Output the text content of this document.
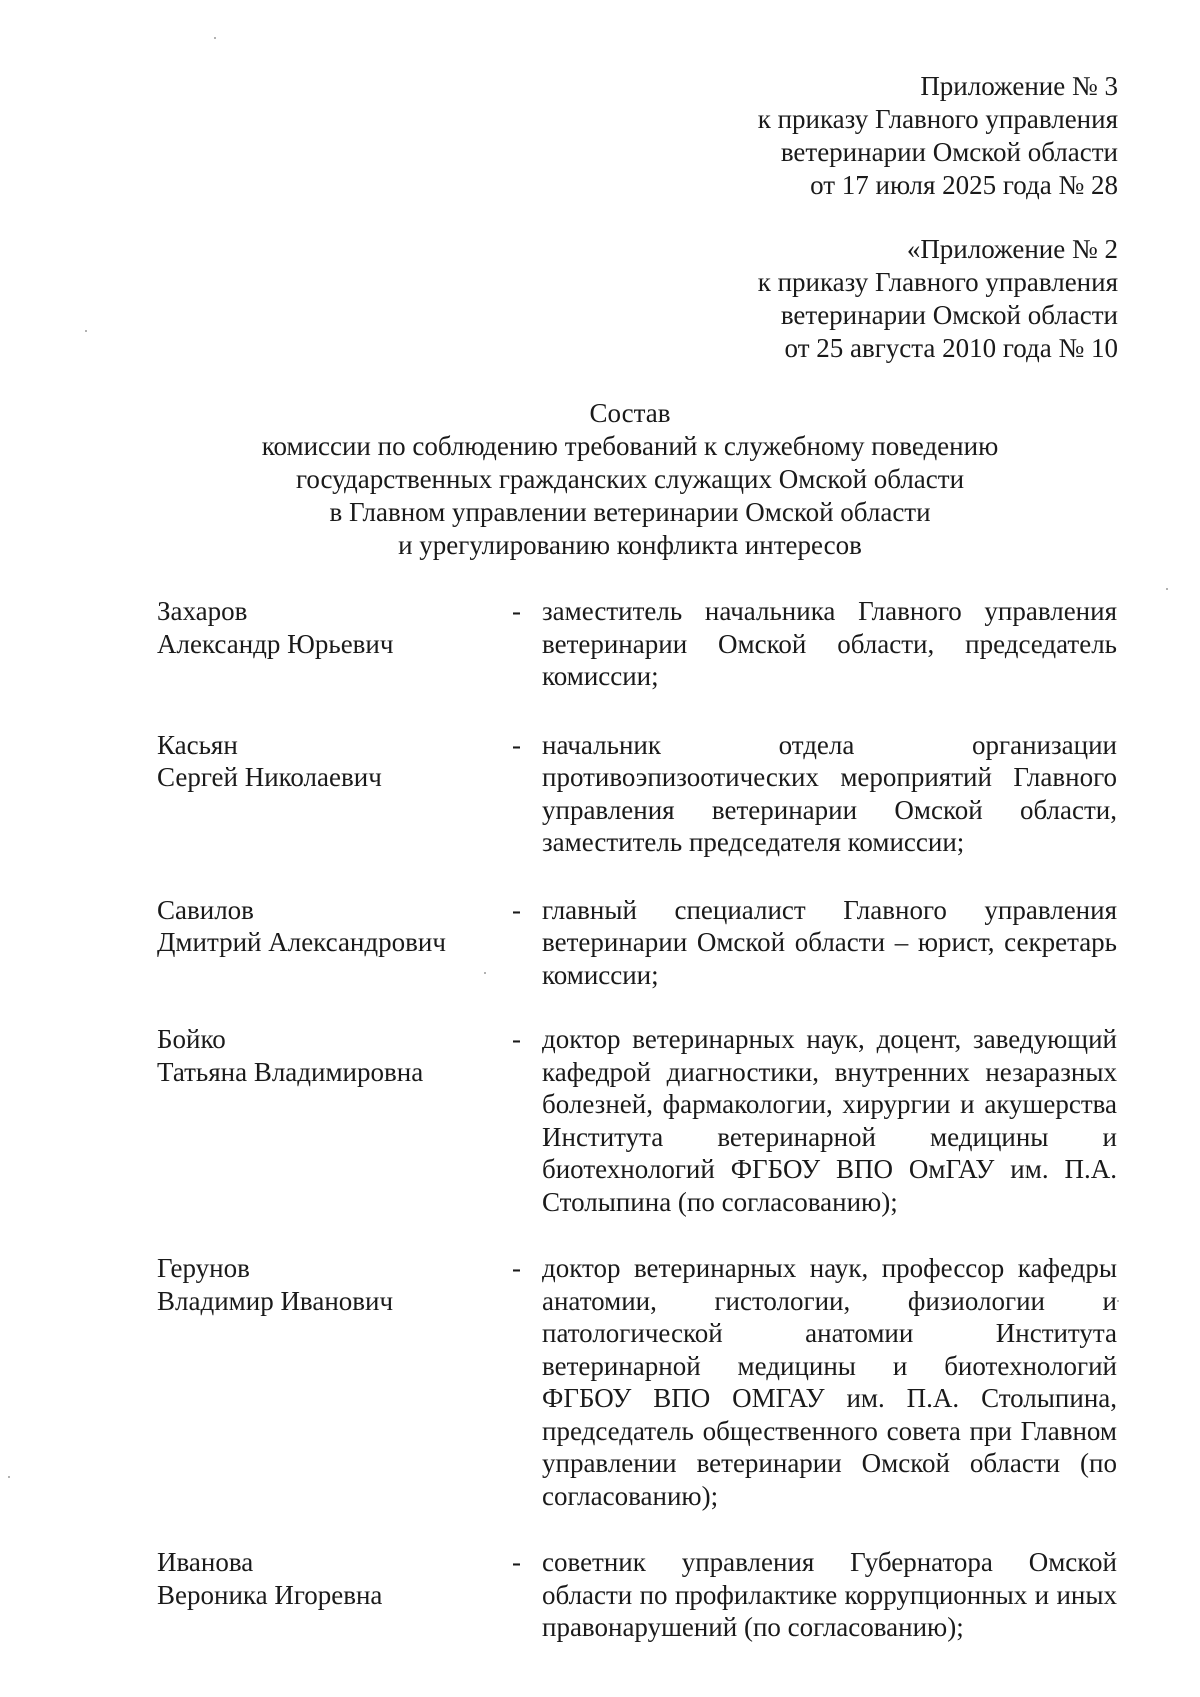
Приложение № 3
к приказу Главного управления
ветеринарии Омской области
от 17 июля 2025 года № 28
«Приложение № 2
к приказу Главного управления
ветеринарии Омской области
от 25 августа 2010 года № 10
Состав
комиссии по соблюдению требований к служебному поведению
государственных гражданских служащих Омской области
в Главном управлении ветеринарии Омской области
и урегулированию конфликта интересов
Захаров
Александр Юрьевич
- заместитель начальника Главного управления ветеринарии Омской области, председатель комиссии;
Касьян
Сергей Николаевич
- начальник отдела организации противоэпизоотических мероприятий Главного управления ветеринарии Омской области, заместитель председателя комиссии;
Савилов
Дмитрий Александрович
- главный специалист Главного управления ветеринарии Омской области – юрист, секретарь комиссии;
Бойко
Татьяна Владимировна
- доктор ветеринарных наук, доцент, заведующий кафедрой диагностики, внутренних незаразных болезней, фармакологии, хирургии и акушерства Института ветеринарной медицины и биотехнологий ФГБОУ ВПО ОмГАУ им. П.А. Столыпина (по согласованию);
Герунов
Владимир Иванович
- доктор ветеринарных наук, профессор кафедры анатомии, гистологии, физиологии и патологической анатомии Института ветеринарной медицины и биотехнологий ФГБОУ ВПО ОМГАУ им. П.А. Столыпина, председатель общественного совета при Главном управлении ветеринарии Омской области (по согласованию);
Иванова
Вероника Игоревна
- советник управления Губернатора Омской области по профилактике коррупционных и иных правонарушений (по согласованию);
